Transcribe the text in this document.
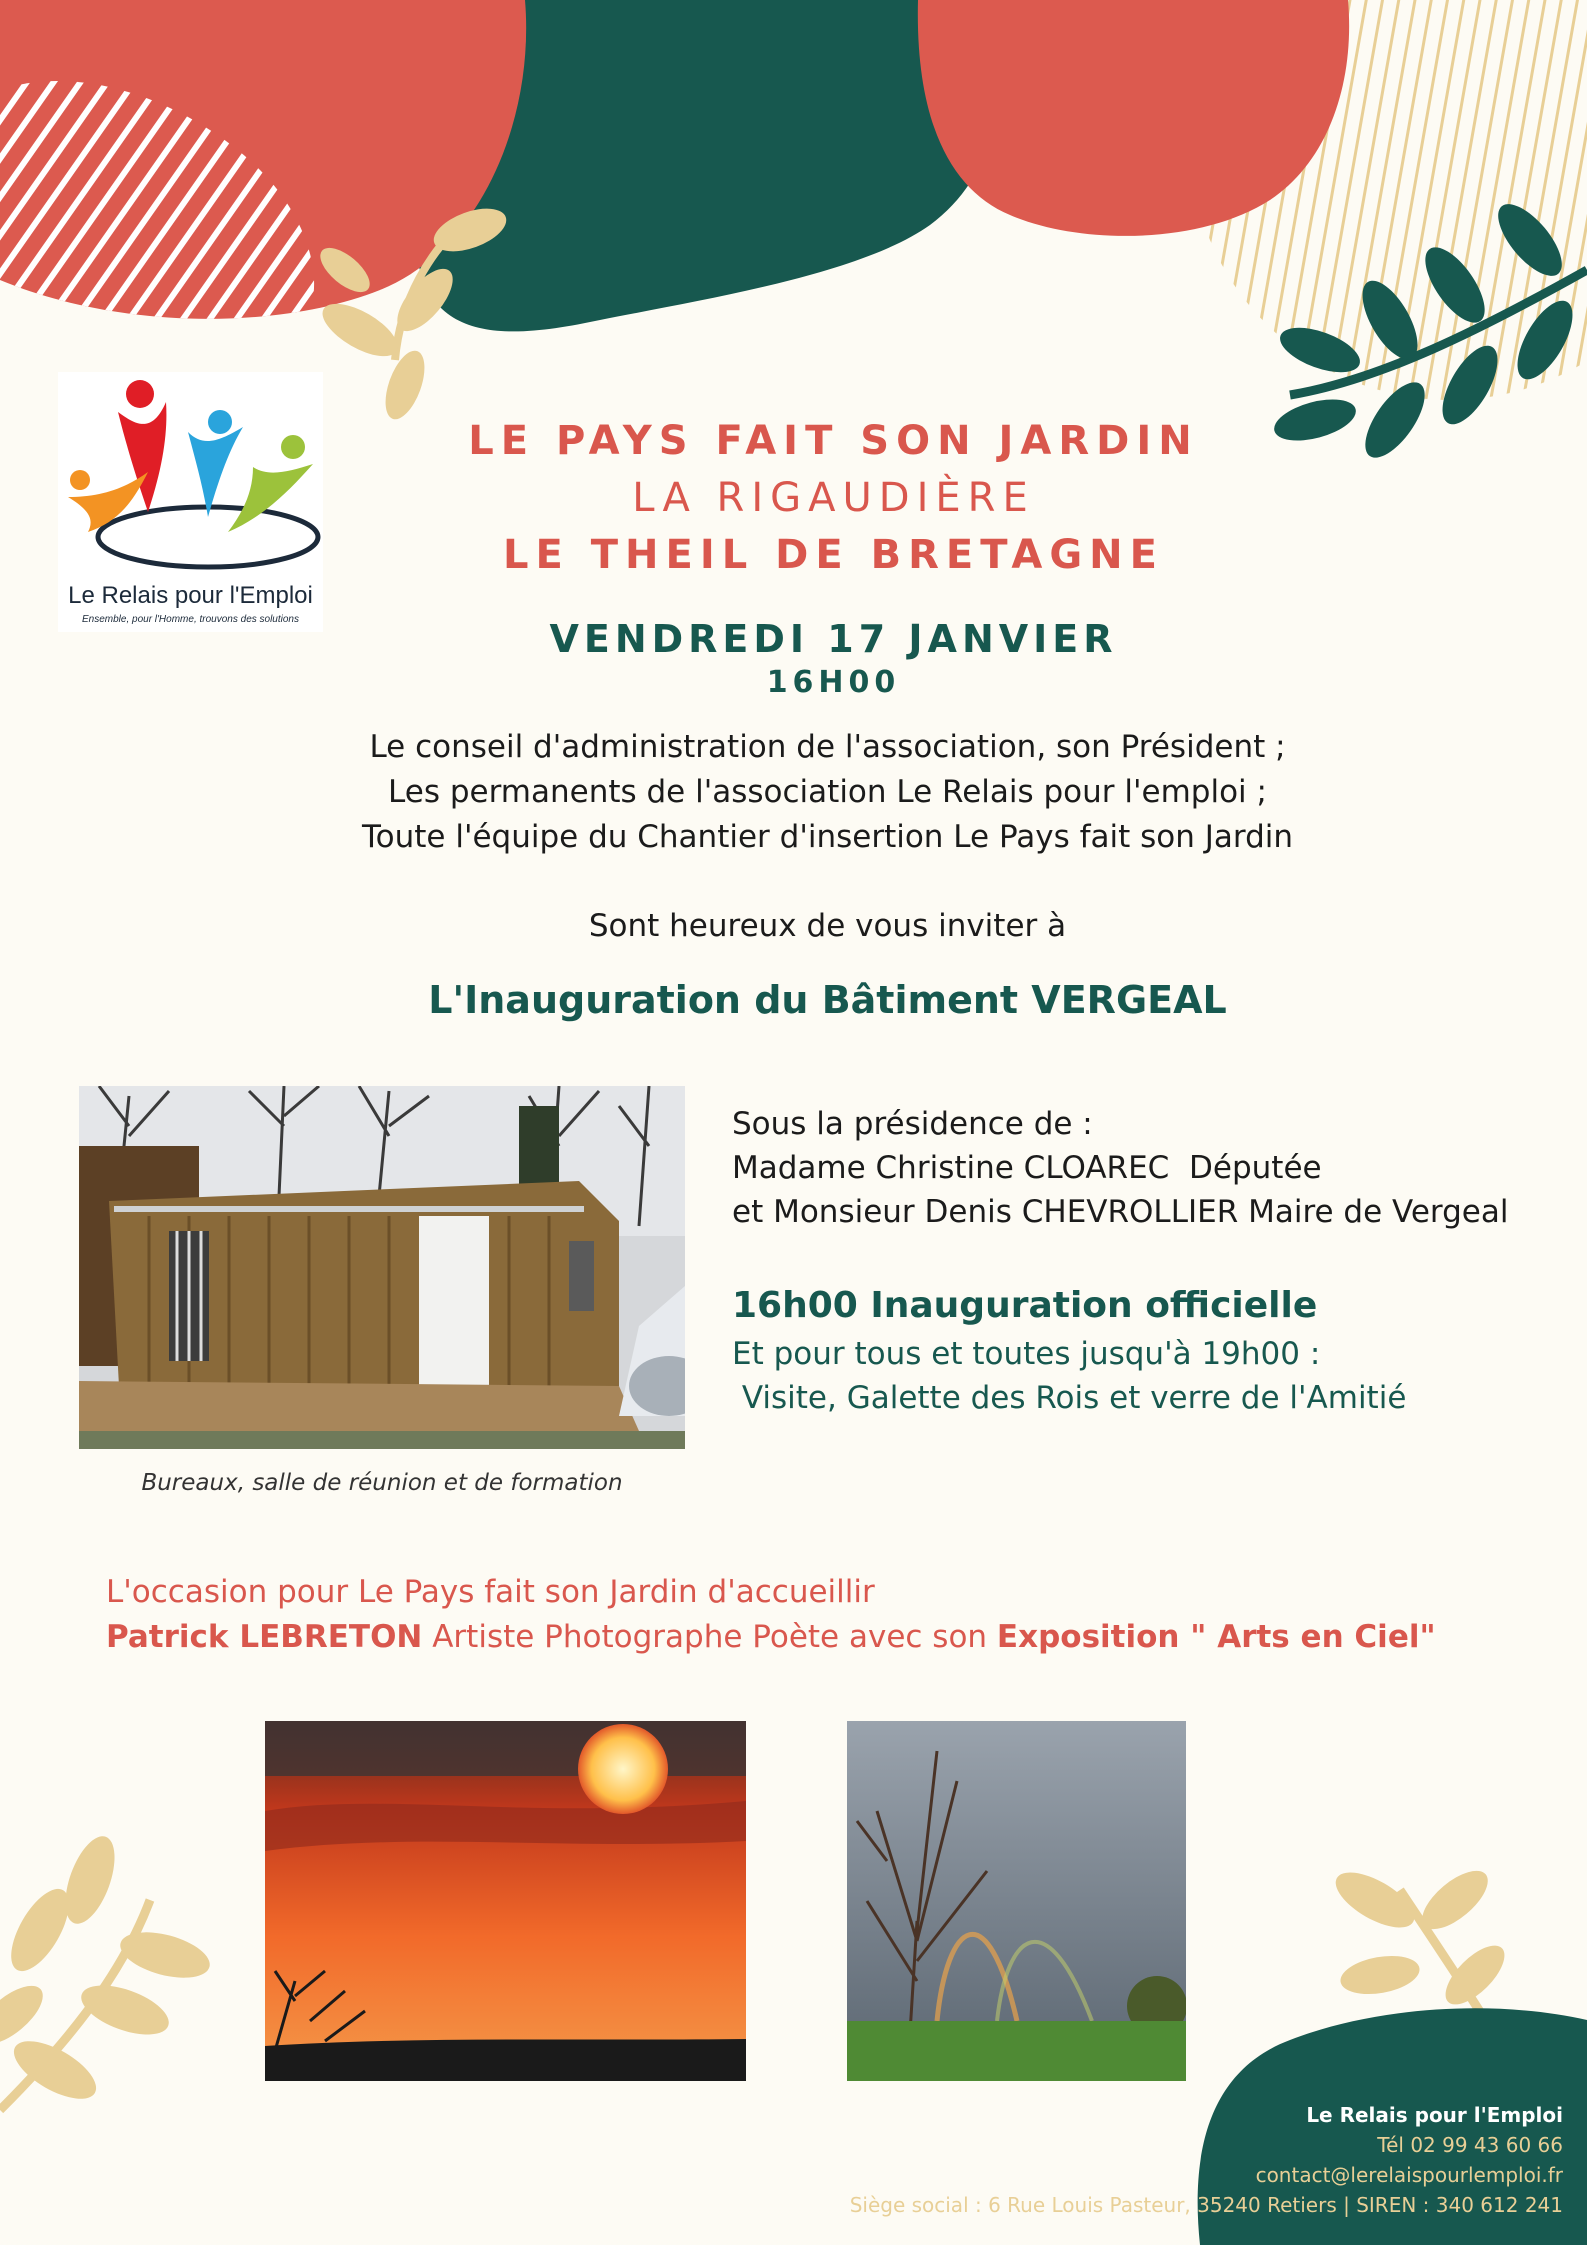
Le Relais pour l'Emploi
Ensemble, pour l'Homme, trouvons des solutions
LE PAYS FAIT SON JARDIN
LA RIGAUDIÈRE
LE THEIL DE BRETAGNE
VENDREDI 17 JANVIER
16H00
Le conseil d'administration de l'association, son Président ;
Les permanents de l'association Le Relais pour l'emploi ;
Toute l'équipe du Chantier d'insertion Le Pays fait son Jardin
Sont heureux de vous inviter à
L'Inauguration du Bâtiment VERGEAL
Bureaux, salle de réunion et de formation
Sous la présidence de :
Madame Christine CLOAREC  Députée
et Monsieur Denis CHEVROLLIER Maire de Vergeal
16h00 Inauguration officielle
Et pour tous et toutes jusqu'à 19h00 :
Visite, Galette des Rois et verre de l'Amitié
L'occasion pour Le Pays fait son Jardin d'accueillir
Patrick LEBRETON Artiste Photographe Poète avec son Exposition " Arts en Ciel"
Le Relais pour l'Emploi
Tél 02 99 43 60 66
contact@lerelaispourlemploi.fr
Siège social : 6 Rue Louis Pasteur, 35240 Retiers | SIREN : 340 612 241
